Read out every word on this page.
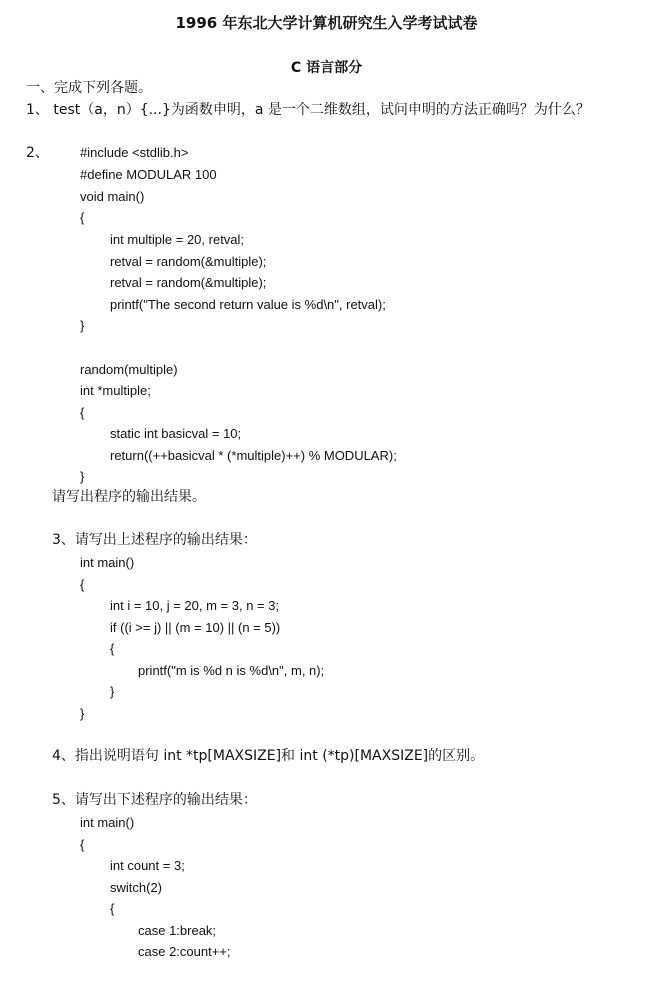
1996 年东北大学计算机研究生入学考试试卷
C 语言部分
一、完成下列各题。
1、 test（a，n）{...}为函数申明，a 是一个二维数组，试问申明的方法正确吗？为什么？
2、 #include <stdlib.h>
#define MODULAR 100
void main()
{
int multiple = 20, retval;
retval = random(&multiple);
retval = random(&multiple);
printf("The second return value is %d\n", retval);
}
random(multiple)
int *multiple;
{
static int basicval = 10;
return((++basicval * (*multiple)++) % MODULAR);
}
请写出程序的输出结果。
3、请写出上述程序的输出结果：
int main()
{
int i = 10, j = 20, m = 3, n = 3;
if ((i >= j) || (m = 10) || (n = 5))
{
printf("m is %d n is %d\n", m, n);
}
}
4、指出说明语句 int *tp[MAXSIZE]和 int (*tp)[MAXSIZE]的区别。
5、请写出下述程序的输出结果：
int main()
{
int count = 3;
switch(2)
{
case 1:break;
case 2:count++;
